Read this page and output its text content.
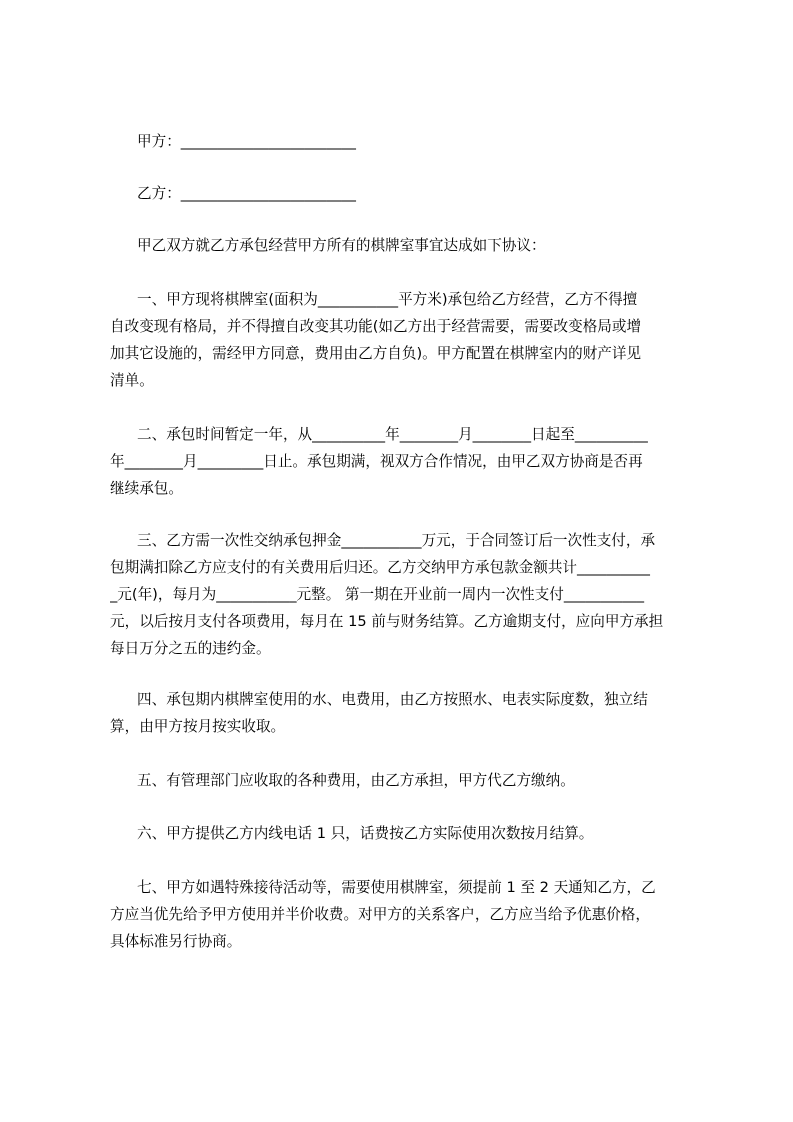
甲方：________________________
乙方：________________________
甲乙双方就乙方承包经营甲方所有的棋牌室事宜达成如下协议：
一、甲方现将棋牌室(面积为___________平方米)承包给乙方经营，乙方不得擅
自改变现有格局，并不得擅自改变其功能(如乙方出于经营需要，需要改变格局或增
加其它设施的，需经甲方同意，费用由乙方自负)。甲方配置在棋牌室内的财产详见
清单。
二、承包时间暂定一年，从__________年________月________日起至__________
年________月_________日止。承包期满，视双方合作情况，由甲乙双方协商是否再
继续承包。
三、乙方需一次性交纳承包押金___________万元，于合同签订后一次性支付，承
包期满扣除乙方应支付的有关费用后归还。乙方交纳甲方承包款金额共计__________
_元(年)，每月为___________元整。 第一期在开业前一周内一次性支付___________
元，以后按月支付各项费用，每月在 15 前与财务结算。乙方逾期支付，应向甲方承担
每日万分之五的违约金。
四、承包期内棋牌室使用的水、电费用，由乙方按照水、电表实际度数，独立结
算，由甲方按月按实收取。
五、有管理部门应收取的各种费用，由乙方承担，甲方代乙方缴纳。
六、甲方提供乙方内线电话 1 只，话费按乙方实际使用次数按月结算。
七、甲方如遇特殊接待活动等，需要使用棋牌室，须提前 1 至 2 天通知乙方，乙
方应当优先给予甲方使用并半价收费。对甲方的关系客户，乙方应当给予优惠价格，
具体标准另行协商。
